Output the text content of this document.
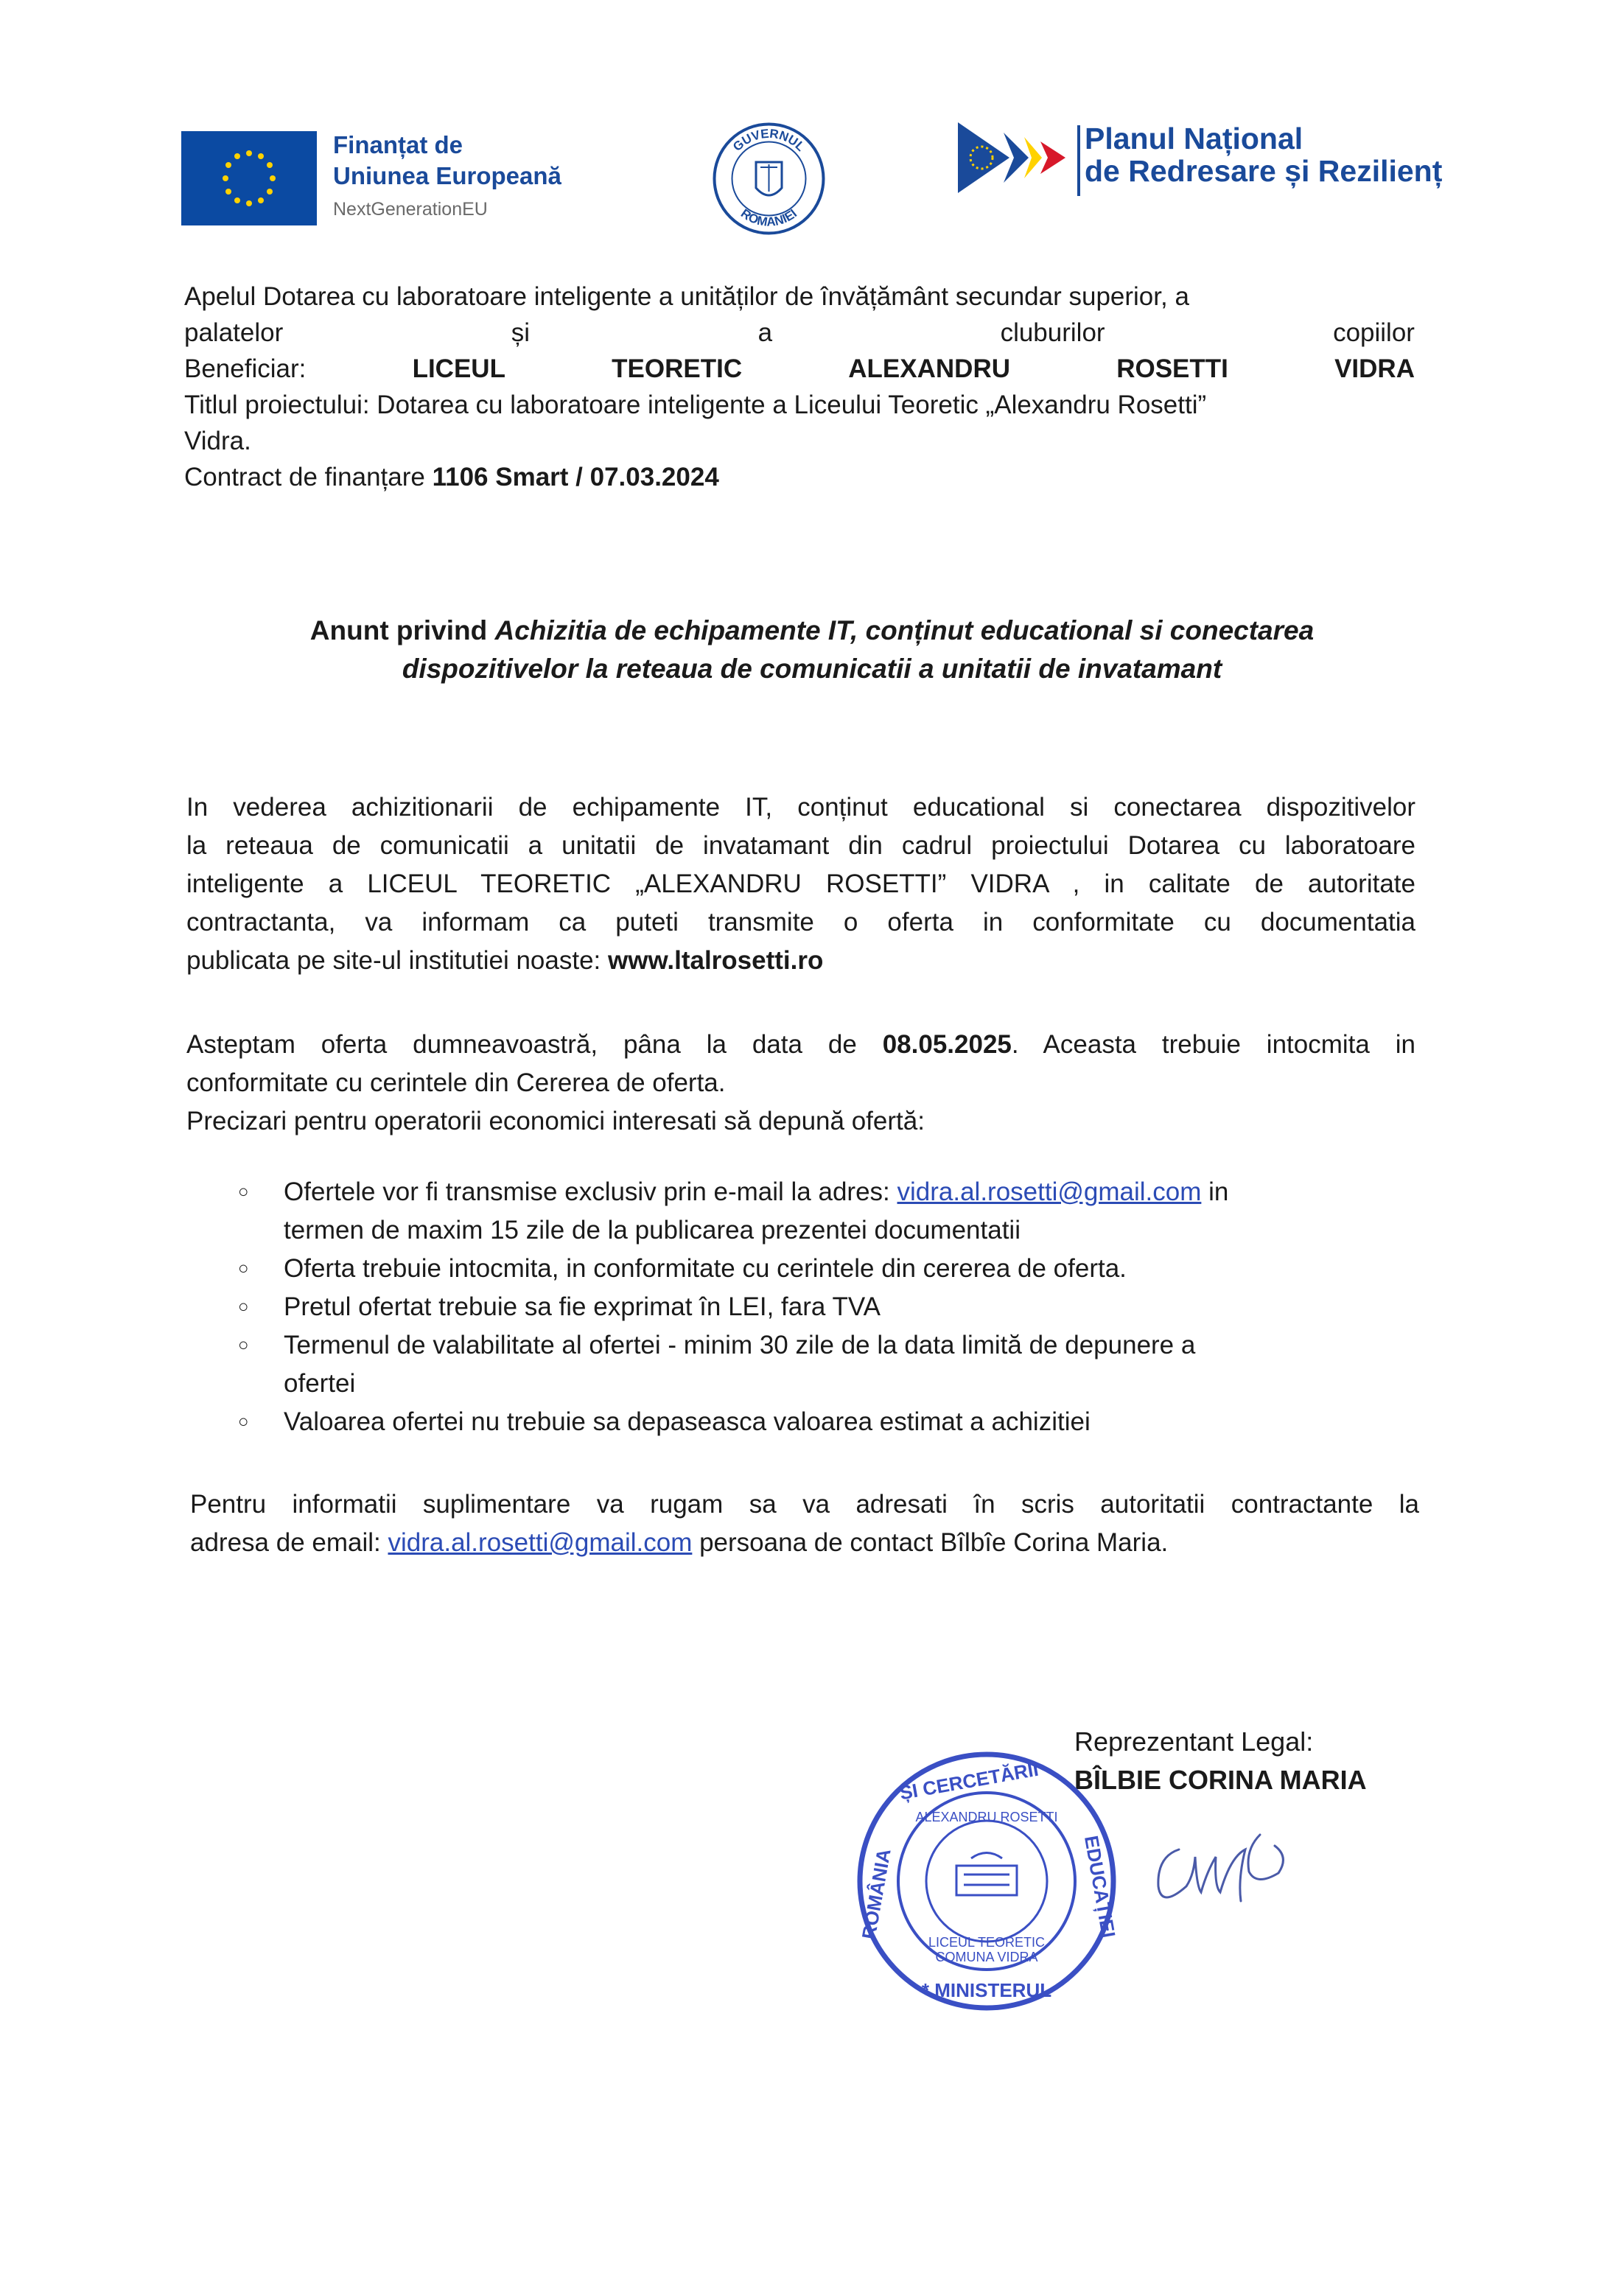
Finanțat de
Uniunea Europeană
NextGenerationEU
GUVERNUL
ROMANIEI
Planul Național
de Redresare și Rezilienț
Apelul Dotarea cu laboratoare inteligente a unităților de învățământ secundar superior, a
palatelor	și	a	cluburilor	copiilor
Beneficiar:	LICEUL	TEORETIC	ALEXANDRU	ROSETTI	VIDRA
Titlul proiectului: Dotarea cu laboratoare inteligente a Liceului Teoretic „Alexandru Rosetti”
Vidra.
Contract de finanțare 1106 Smart / 07.03.2024
Anunt privind Achizitia de echipamente IT, conținut educational si conectarea
dispozitivelor la reteaua de comunicatii a unitatii de invatamant
In vederea achizitionarii de echipamente IT, conținut educational si conectarea dispozitivelor
la reteaua de comunicatii a unitatii de invatamant din cadrul proiectului Dotarea cu laboratoare
inteligente a LICEUL TEORETIC „ALEXANDRU ROSETTI” VIDRA , in calitate de autoritate
contractanta, va informam ca puteti transmite o oferta in conformitate cu documentatia
publicata pe site-ul institutiei noaste: www.ltalrosetti.ro
Asteptam oferta dumneavoastră, pâna la data de 08.05.2025. Aceasta trebuie intocmita in
conformitate cu cerintele din Cererea de oferta.
Precizari pentru operatorii economici interesati să depună ofertă:
○ Ofertele vor fi transmise exclusiv prin e-mail la adres: vidra.al.rosetti@gmail.com in
termen de maxim 15 zile de la publicarea prezentei documentatii
○ Oferta trebuie intocmita, in conformitate cu cerintele din cererea de oferta.
○ Pretul ofertat trebuie sa fie exprimat în LEI, fara TVA
○ Termenul de valabilitate al ofertei - minim 30 zile de la data limită de depunere a
ofertei
○ Valoarea ofertei nu trebuie sa depaseasca valoarea estimat a achizitiei
Pentru informatii suplimentare va rugam sa va adresati în scris autoritatii contractante la
adresa de email: vidra.al.rosetti@gmail.com persoana de contact Bîlbîe Corina Maria.
Reprezentant Legal:
BÎLBIE CORINA MARIA
ȘI CERCETĂRII
* MINISTERUL
ROMÂNIA	EDUCAȚIEI
ALEXANDRU ROSETTI
LICEUL TEORETIC
COMUNA VIDRA
